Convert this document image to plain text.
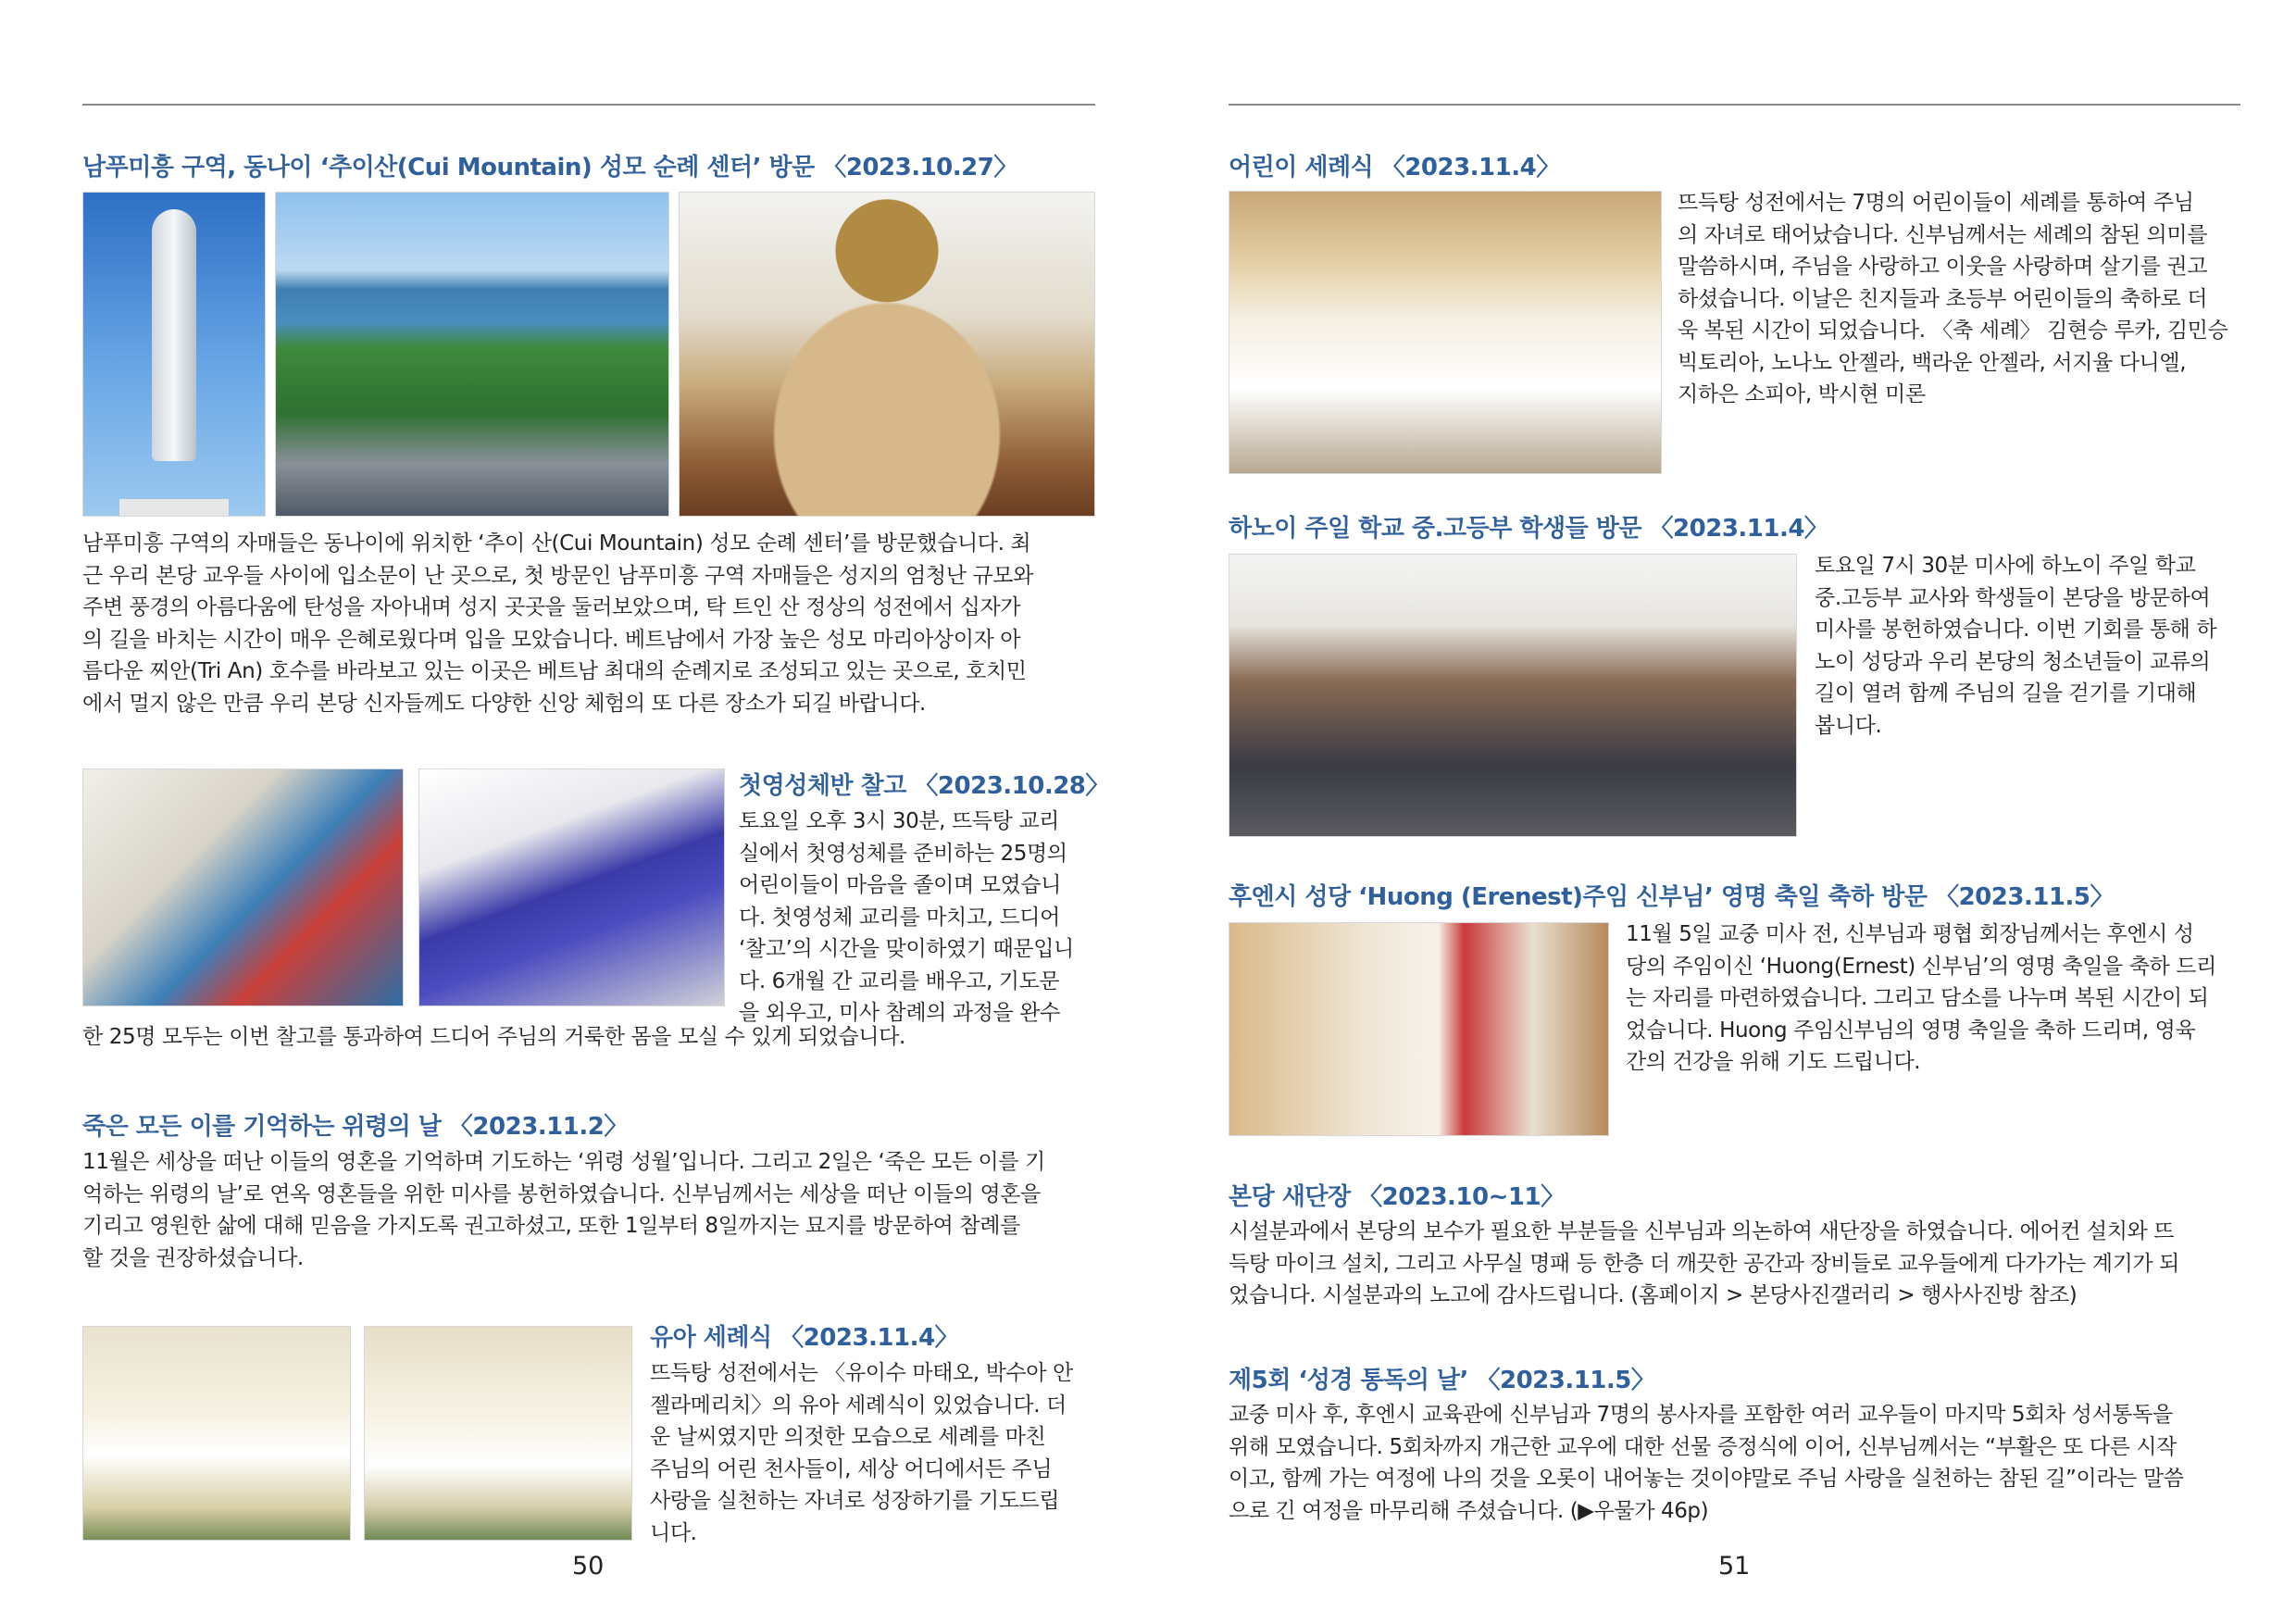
남푸미흥 구역, 동나이 ‘추이산(Cui Mountain) 성모 순례 센터’ 방문 〈2023.10.27〉
남푸미흥 구역의 자매들은 동나이에 위치한 ‘추이 산(Cui Mountain) 성모 순례 센터’를 방문했습니다. 최
근 우리 본당 교우들 사이에 입소문이 난 곳으로, 첫 방문인 남푸미흥 구역 자매들은 성지의 엄청난 규모와
주변 풍경의 아름다움에 탄성을 자아내며 성지 곳곳을 둘러보았으며, 탁 트인 산 정상의 성전에서 십자가
의 길을 바치는 시간이 매우 은혜로웠다며 입을 모았습니다. 베트남에서 가장 높은 성모 마리아상이자 아
름다운 찌안(Tri An) 호수를 바라보고 있는 이곳은 베트남 최대의 순례지로 조성되고 있는 곳으로, 호치민
에서 멀지 않은 만큼 우리 본당 신자들께도 다양한 신앙 체험의 또 다른 장소가 되길 바랍니다.
첫영성체반 찰고 〈2023.10.28〉
토요일 오후 3시 30분, 뜨득탕 교리
실에서 첫영성체를 준비하는 25명의
어린이들이 마음을 졸이며 모였습니
다. 첫영성체 교리를 마치고, 드디어
‘찰고’의 시간을 맞이하였기 때문입니
다. 6개월 간 교리를 배우고, 기도문
을 외우고, 미사 참례의 과정을 완수
한 25명 모두는 이번 찰고를 통과하여 드디어 주님의 거룩한 몸을 모실 수 있게 되었습니다.
죽은 모든 이를 기억하는 위령의 날 〈2023.11.2〉
11월은 세상을 떠난 이들의 영혼을 기억하며 기도하는 ‘위령 성월’입니다. 그리고 2일은 ‘죽은 모든 이를 기
억하는 위령의 날’로 연옥 영혼들을 위한 미사를 봉헌하였습니다. 신부님께서는 세상을 떠난 이들의 영혼을
기리고 영원한 삶에 대해 믿음을 가지도록 권고하셨고, 또한 1일부터 8일까지는 묘지를 방문하여 참례를
할 것을 권장하셨습니다.
유아 세례식 〈2023.11.4〉
뜨득탕 성전에서는 〈유이수 마태오, 박수아 안
젤라메리치〉의 유아 세례식이 있었습니다. 더
운 날씨였지만 의젓한 모습으로 세례를 마친
주님의 어린 천사들이, 세상 어디에서든 주님
사랑을 실천하는 자녀로 성장하기를 기도드립
니다.
50
어린이 세례식 〈2023.11.4〉
뜨득탕 성전에서는 7명의 어린이들이 세례를 통하여 주님
의 자녀로 태어났습니다. 신부님께서는 세례의 참된 의미를
말씀하시며, 주님을 사랑하고 이웃을 사랑하며 살기를 권고
하셨습니다. 이날은 친지들과 초등부 어린이들의 축하로 더
욱 복된 시간이 되었습니다. 〈축 세례〉 김현승 루카, 김민승
빅토리아, 노나노 안젤라, 백라운 안젤라, 서지율 다니엘,
지하은 소피아, 박시현 미론
하노이 주일 학교 중.고등부 학생들 방문 〈2023.11.4〉
토요일 7시 30분 미사에 하노이 주일 학교
중.고등부 교사와 학생들이 본당을 방문하여
미사를 봉헌하였습니다. 이번 기회를 통해 하
노이 성당과 우리 본당의 청소년들이 교류의
길이 열려 함께 주님의 길을 걷기를 기대해
봅니다.
후엔시 성당 ‘Huong (Erenest)주임 신부님’ 영명 축일 축하 방문 〈2023.11.5〉
11월 5일 교중 미사 전, 신부님과 평협 회장님께서는 후엔시 성
당의 주임이신 ‘Huong(Ernest) 신부님’의 영명 축일을 축하 드리
는 자리를 마련하였습니다. 그리고 담소를 나누며 복된 시간이 되
었습니다. Huong 주임신부님의 영명 축일을 축하 드리며, 영육
간의 건강을 위해 기도 드립니다.
본당 새단장 〈2023.10~11〉
시설분과에서 본당의 보수가 필요한 부분들을 신부님과 의논하여 새단장을 하였습니다. 에어컨 설치와 뜨
득탕 마이크 설치, 그리고 사무실 명패 등 한층 더 깨끗한 공간과 장비들로 교우들에게 다가가는 계기가 되
었습니다. 시설분과의 노고에 감사드립니다. (홈페이지 > 본당사진갤러리 > 행사사진방 참조)
제5회 ‘성경 통독의 날’ 〈2023.11.5〉
교중 미사 후, 후엔시 교육관에 신부님과 7명의 봉사자를 포함한 여러 교우들이 마지막 5회차 성서통독을
위해 모였습니다. 5회차까지 개근한 교우에 대한 선물 증정식에 이어, 신부님께서는 “부활은 또 다른 시작
이고, 함께 가는 여정에 나의 것을 오롯이 내어놓는 것이야말로 주님 사랑을 실천하는 참된 길”이라는 말씀
으로 긴 여정을 마무리해 주셨습니다. (▶우물가 46p)
51
